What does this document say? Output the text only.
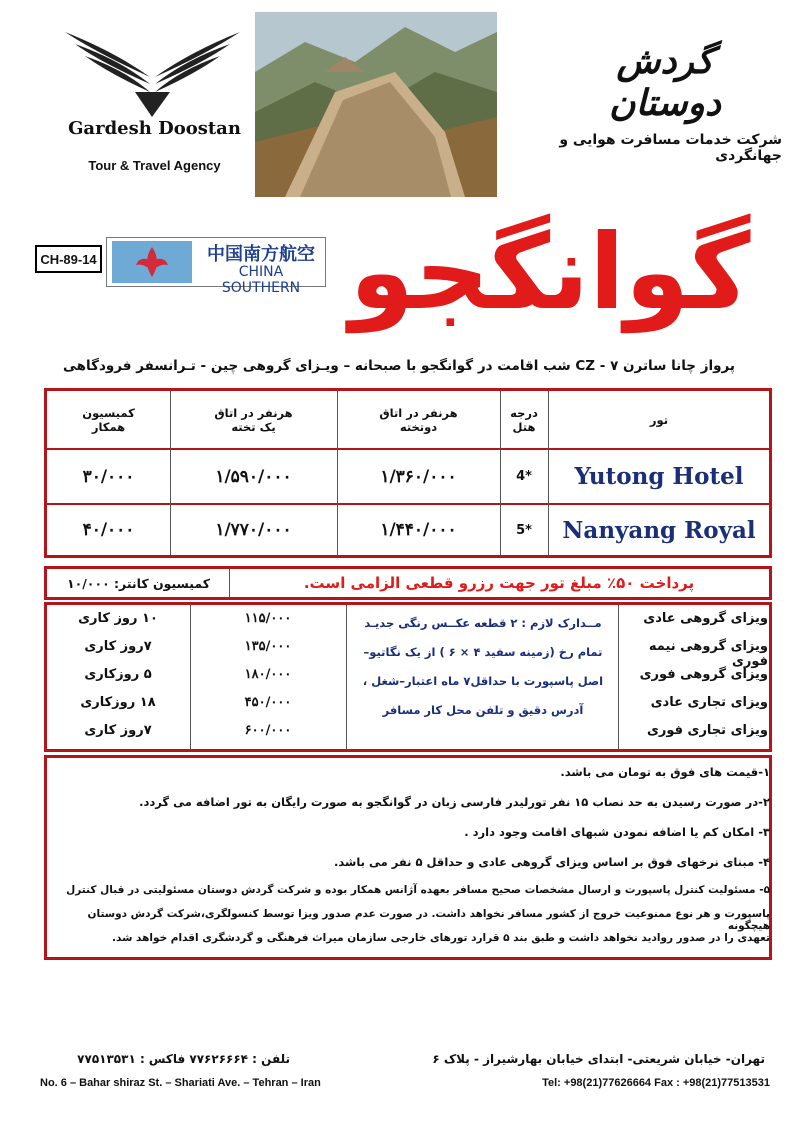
Gardesh Doostan
Tour & Travel Agency
گردش دوستان
شرکت خدمات مسافرت هوایی و جهانگردی
CH-89-14	中国南方航空
CHINA SOUTHERN گوانگجو
پرواز چانا ساترن CZ - ۷ شب اقامت در گوانگجو با صبحانه – ویـزای گروهی چین - تـرانسفر فرودگاهی
تور
درجه
هتل
هرنفر در اتاق
دوتخته
هرنفر در اتاق
یک تخته
کمیسیون
همکار
Yutong Hotel
4*
۱/۳۶۰/۰۰۰
۱/۵۹۰/۰۰۰
۳۰/۰۰۰
Nanyang Royal
5*
۱/۴۴۰/۰۰۰
۱/۷۷۰/۰۰۰
۴۰/۰۰۰
پرداخت ۵۰٪ مبلغ تور جهت رزرو قطعی الزامی است.
کمیسیون کانتر: ۱۰/۰۰۰
ویزای گروهی عادی
ویزای گروهی نیمه فوری
ویزای گروهی فوری
ویزای تجاری عادی
ویزای تجاری فوری
مــدارک لازم : ۲ قطعه عکــس رنگی جدیـد
تمام رخ (زمینه سفید ۴ × ۶ ) از یک نگاتیو–
اصل پاسپورت با حداقل۷ ماه اعتبار–شغل ،
آدرس دقیق و تلفن محل کار مسافر
۱۱۵/۰۰۰
۱۳۵/۰۰۰
۱۸۰/۰۰۰
۴۵۰/۰۰۰
۶۰۰/۰۰۰
۱۰ روز کاری
۷روز کاری
۵ روزکاری
۱۸ روزکاری
۷روز کاری
۱-قیمت های فوق به تومان می باشد.
۲-در صورت رسیدن به حد نصاب ۱۵ نفر تورلیدر فارسی زبان در گوانگجو به صورت رایگان به تور اضافه می گردد.
۳- امکان کم یا اضافه نمودن شبهای اقامت وجود دارد .
۴- مبنای نرخهای فوق بر اساس ویزای گروهی عادی و حداقل ۵ نفر می باشد.
۵- مسئولیت کنترل پاسپورت و ارسال مشخصات صحیح مسافر بعهده آژانس همکار بوده و شرکت گردش دوستان مسئولیتی در قبال کنترل
پاسپورت و هر نوع ممنوعیت خروج از کشور مسافر نخواهد داشت. در صورت عدم صدور ویزا توسط کنسولگری،شرکت گردش دوستان هیچگونه
تعهدی را در صدور روادید نخواهد داشت و طبق بند ۵ قرارد تورهای خارجی سازمان میراث فرهنگی و گردشگری اقدام خواهد شد.
تهران- خیابان شریعتی- ابتدای خیابان بهارشیراز - پلاک ۶
تلفن : ۷۷۶۲۶۶۶۴ فاکس : ۷۷۵۱۳۵۳۱
No. 6 – Bahar shiraz St. – Shariati Ave. – Tehran – Iran	Tel: +98(21)77626664 Fax : +98(21)77513531
